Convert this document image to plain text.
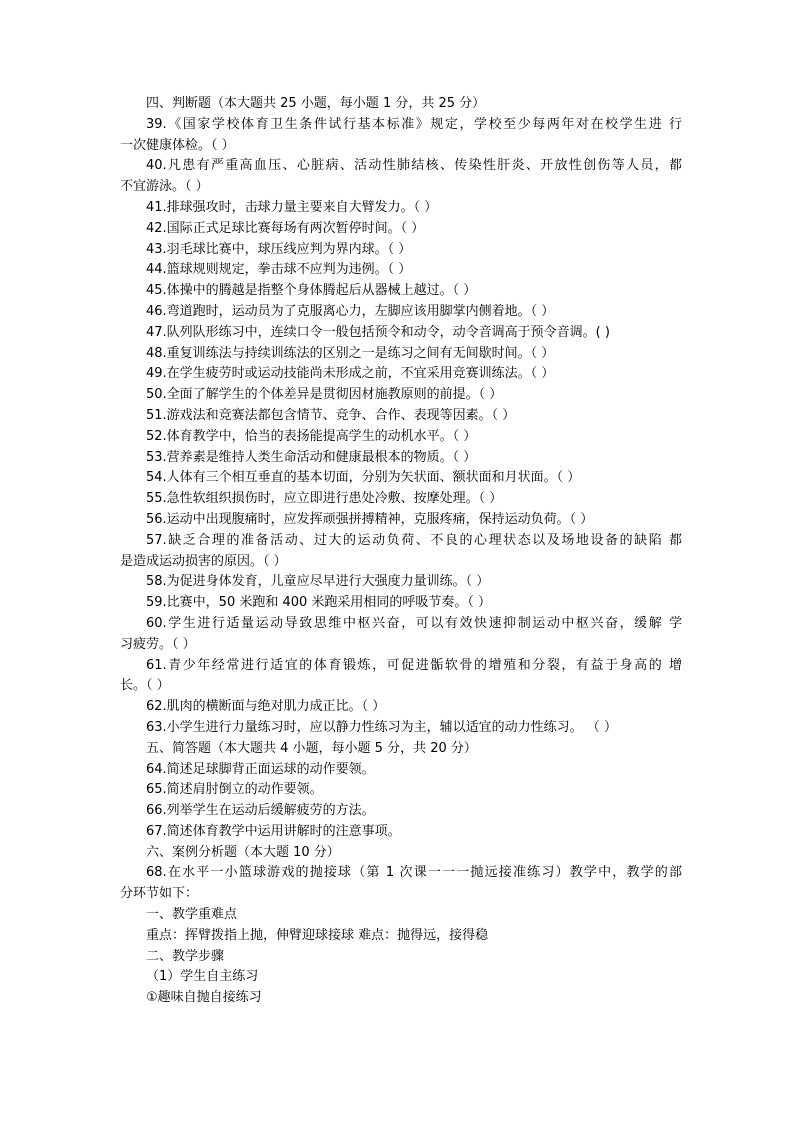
四、判断题（本大题共 25 小题，每小题 1 分，共 25 分）
39.《国家学校体育卫生条件试行基本标准》规定，学校至少每两年对在校学生进 行
一次健康体检。（ ）
40.凡患有严重高血压、心脏病、活动性肺结核、传染性肝炎、开放性创伤等人员，都
不宜游泳。（ ）
41.排球强攻时，击球力量主要来自大臂发力。（ ）
42.国际正式足球比赛每场有两次暂停时间。（ ）
43.羽毛球比赛中，球压线应判为界内球。（ ）
44.篮球规则规定，拳击球不应判为违例。（ ）
45.体操中的腾越是指整个身体腾起后从器械上越过。（ ）
46.弯道跑时，运动员为了克服离心力，左脚应该用脚掌内侧着地。（ ）
47.队列队形练习中，连续口令一般包括预令和动令，动令音调高于预令音调。( )
48.重复训练法与持续训练法的区别之一是练习之间有无间歇时间。（ ）
49.在学生疲劳时或运动技能尚未形成之前，不宜采用竞赛训练法。（ ）
50.全面了解学生的个体差异是贯彻因材施教原则的前提。（ ）
51.游戏法和竞赛法都包含情节、竞争、合作、表现等因素。（ ）
52.体育教学中，恰当的表扬能提高学生的动机水平。（ ）
53.营养素是维持人类生命活动和健康最根本的物质。（ ）
54.人体有三个相互垂直的基本切面，分别为矢状面、额状面和月状面。（ ）
55.急性软组织损伤时，应立即进行患处冷敷、按摩处理。（ ）
56.运动中出现腹痛时，应发挥顽强拼搏精神，克服疼痛，保持运动负荷。（ ）
57.缺乏合理的准备活动、过大的运动负荷、不良的心理状态以及场地设备的缺陷 都
是造成运动损害的原因。（ ）
58.为促进身体发育，儿童应尽早进行大强度力量训练。（ ）
59.比赛中，50 米跑和 400 米跑采用相同的呼吸节奏。（ ）
60.学生进行适量运动导致思维中枢兴奋，可以有效快速抑制运动中枢兴奋，缓解 学
习疲劳。（ ）
61.青少年经常进行适宜的体育锻炼，可促进骺软骨的增殖和分裂，有益于身高的 增
长。（ ）
62.肌肉的横断面与绝对肌力成正比。（ ）
63.小学生进行力量练习时，应以静力性练习为主，辅以适宜的动力性练习。 （ ）
五、简答题（本大题共 4 小题，每小题 5 分，共 20 分）
64.简述足球脚背正面运球的动作要领。
65.简述肩肘倒立的动作要领。
66.列举学生在运动后缓解疲劳的方法。
67.简述体育教学中运用讲解时的注意事项。
六、案例分析题（本大题 10 分）
68.在水平一小篮球游戏的抛接球（第 1 次课一一一抛远接准练习）教学中，教学的部
分环节如下：
一、教学重难点
重点：挥臂拨指上抛，伸臂迎球接球 难点：抛得远，接得稳
二、教学步骤
（1）学生自主练习
①趣味自抛自接练习
